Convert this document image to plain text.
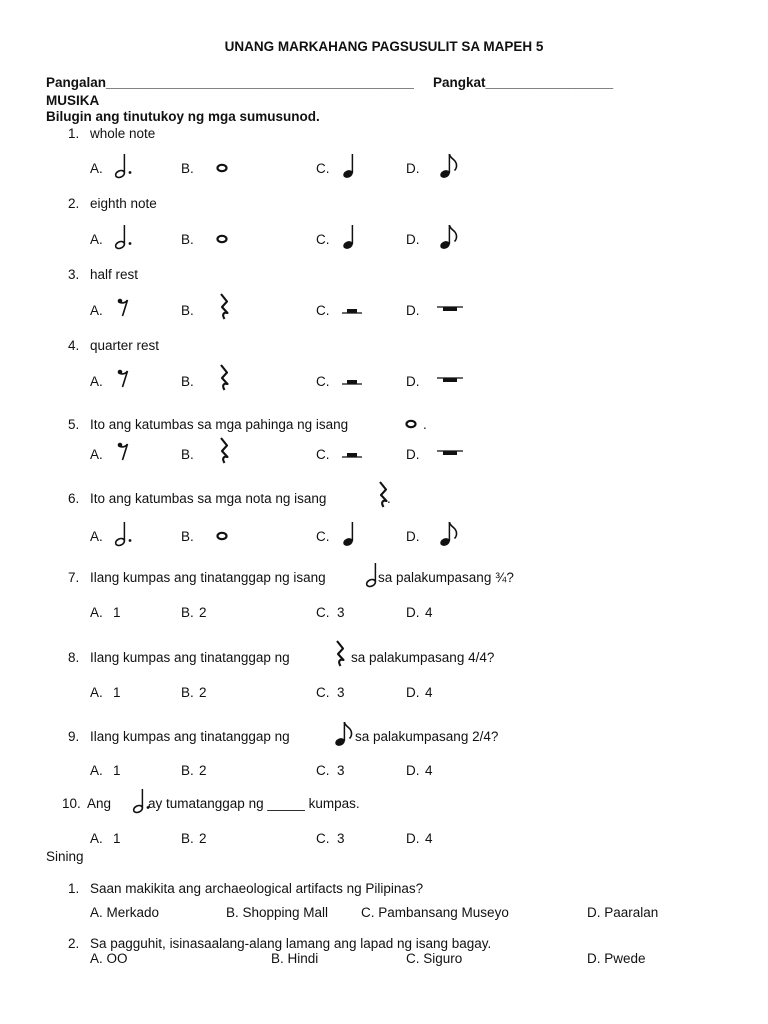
UNANG MARKAHANG PAGSUSULIT SA MAPEH 5
Pangalan_________________________________________ Pangkat_________________
MUSIKA
Bilugin ang tinutukoy ng mga sumusunod.
1. whole note
A.	B.	C.	D.
2. eighth note
A.	B.	C.	D.
3. half rest
A.	B.	C.	D.
4. quarter rest
A.	B.	C.	D.
5. Ito ang katumbas sa mga pahinga ng isang	.
A.	B.	C.	D.
6. Ito ang katumbas sa mga nota ng isang	.
A.	B.	C.	D.
7. Ilang kumpas ang tinatanggap ng isang	sa palakumpasang ¾?
A. 1	B. 2	C. 3	D. 4
8. Ilang kumpas ang tinatanggap ng	sa palakumpasang 4/4?
A. 1	B. 2	C. 3	D. 4
9. Ilang kumpas ang tinatanggap ng	sa palakumpasang 2/4?
A. 1	B. 2	C. 3	D. 4
10. Ang	ay tumatanggap ng _____ kumpas.
A. 1	B. 2	C. 3	D. 4
Sining
1. Saan makikita ang archaeological artifacts ng Pilipinas?
A. Merkado	B. Shopping Mall C. Pambansang Museyo	D. Paaralan
2. Sa pagguhit, isinasaalang-alang lamang ang lapad ng isang bagay.
A. OO	B. Hindi	C. Siguro	D. Pwede
